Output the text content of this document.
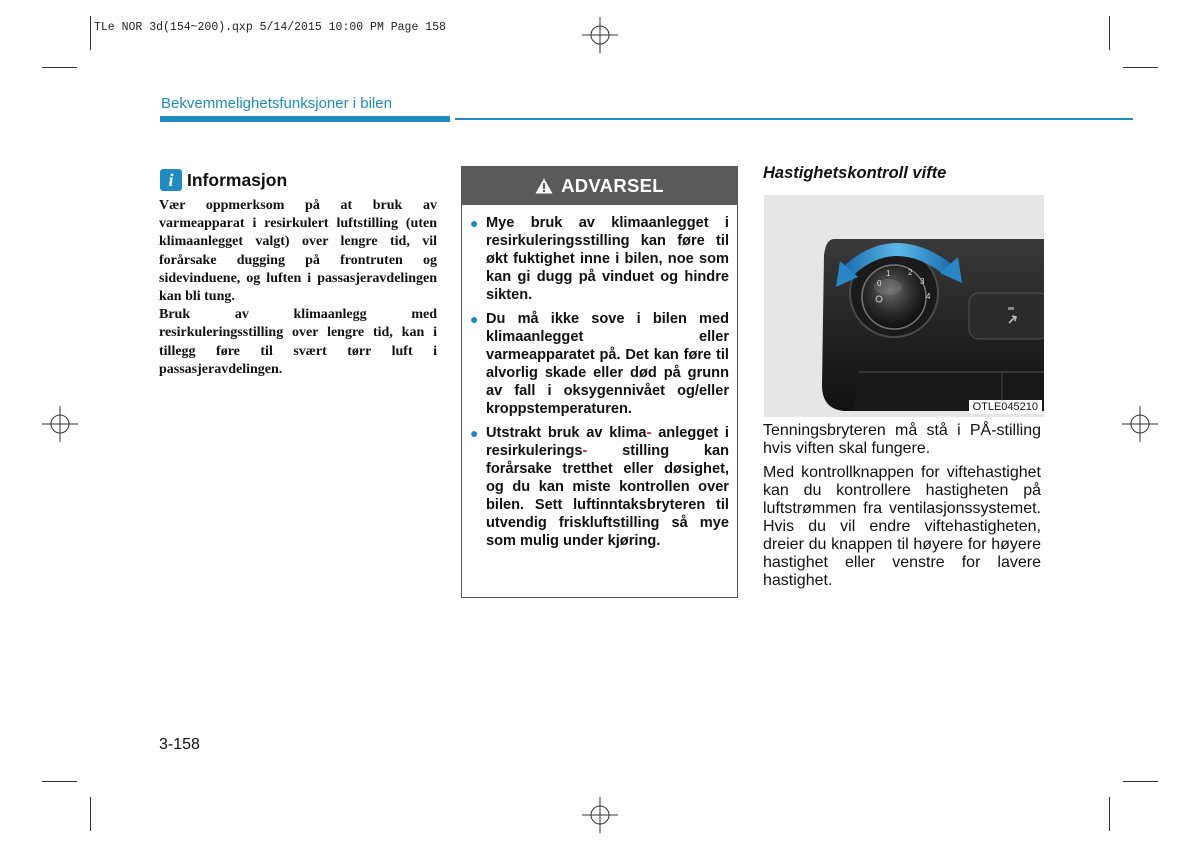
TLe NOR 3d(154~200).qxp 5/14/2015 10:00 PM Page 158
Bekvemmelighetsfunksjoner i bilen
i Informasjon

Vær oppmerksom på at bruk av varmeapparat i resirkulert luftstilling (uten klimaanlegget valgt) over lengre tid, vil forårsake dugging på frontruten og sidevinduene, og luften i passasjeravdelingen kan bli tung.

Bruk av klimaanlegg med resirkuleringsstilling over lengre tid, kan i tillegg føre til svært tørr luft i passasjeravdelingen.

ADVARSEL
● Mye bruk av klimaanlegget i resirkuleringsstilling kan føre til økt fuktighet inne i bilen, noe som kan gi dugg på vinduet og hindre sikten.
● Du må ikke sove i bilen med klimaanlegget eller varmeapparatet på. Det kan føre til alvorlig skade eller død på grunn av fall i oksygennivået og/eller kroppstemperaturen.
● Utstrakt bruk av klima- anlegget i resirkulerings- stilling kan forårsake tretthet eller døsighet, og du kan miste kontrollen over bilen. Sett luftinntaksbryteren til utvendig friskluftstilling så mye som mulig under kjøring.
Hastighetskontroll vifte
0
1 2
3
4
OTLE045210

Tenningsbryteren må stå i PÅ-stilling hvis viften skal fungere.

Med kontrollknappen for viftehastighet kan du kontrollere hastigheten på luftstrømmen fra ventilasjonssystemet. Hvis du vil endre viftehastigheten, dreier du knappen til høyere for høyere hastighet eller venstre for lavere hastighet.

3-158
